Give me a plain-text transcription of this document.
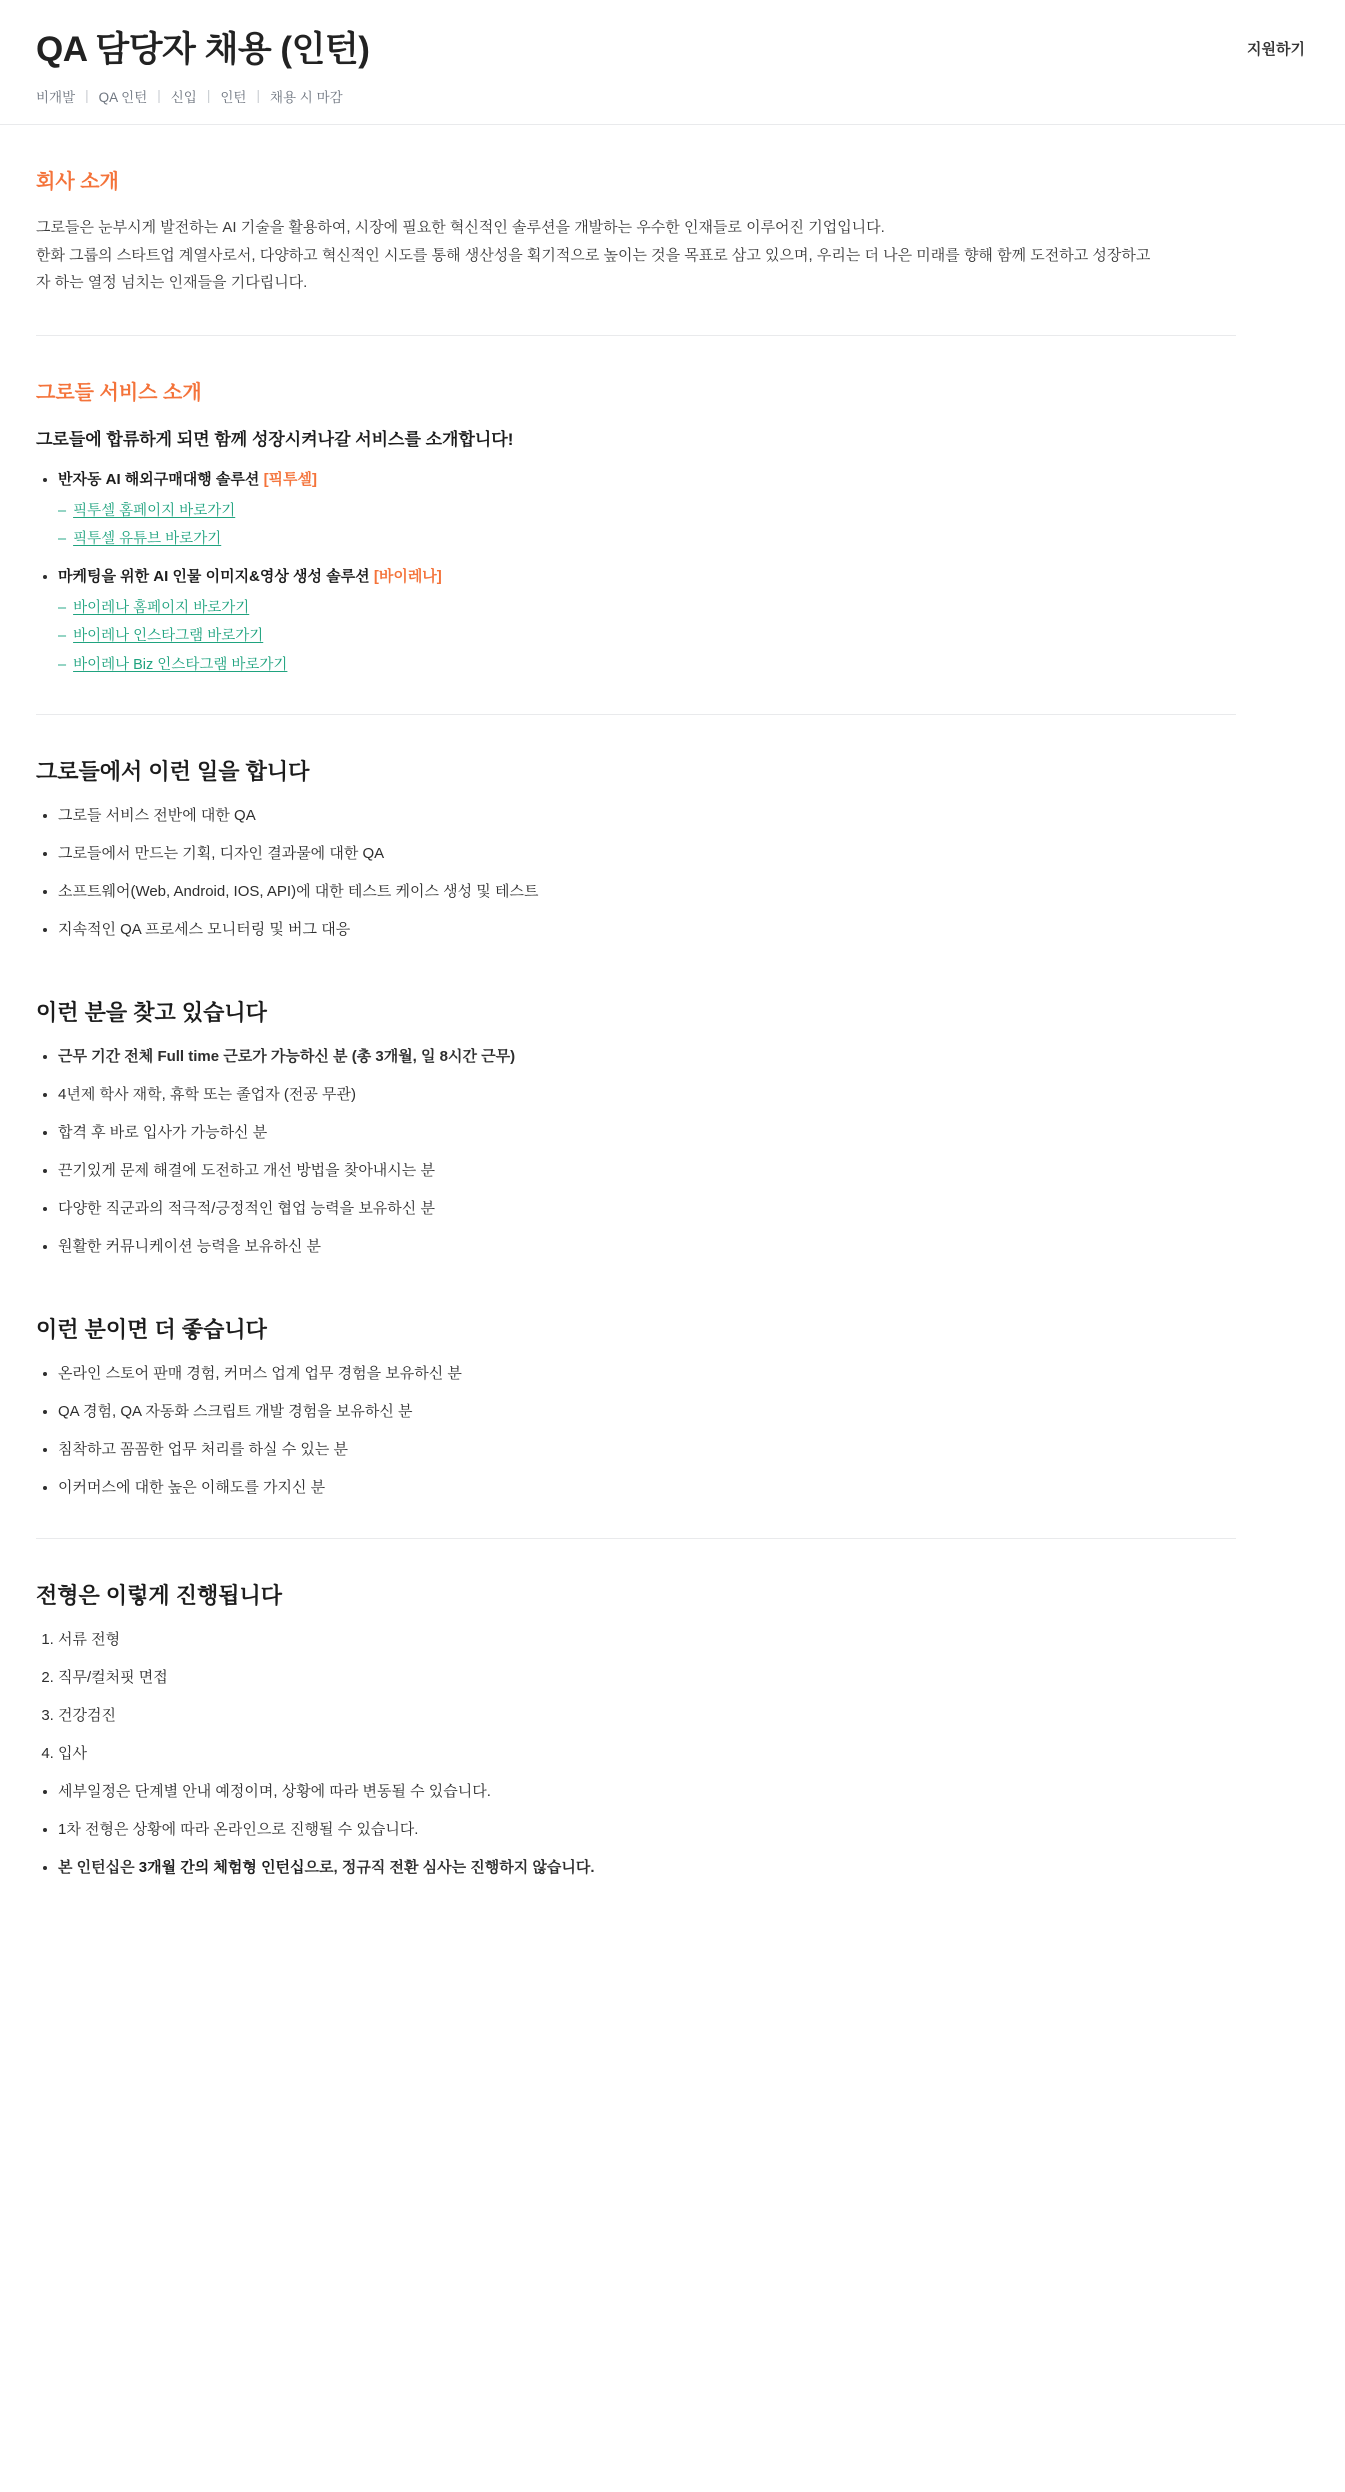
QA 담당자 채용 (인턴)	지원하기
비개발 | QA 인턴 | 신입 | 인턴 | 채용 시 마감
회사 소개

그로들은 눈부시게 발전하는 AI 기술을 활용하여, 시장에 필요한 혁신적인 솔루션을 개발하는 우수한 인재들로 이루어진 기업입니다.

한화 그룹의 스타트업 계열사로서, 다양하고 혁신적인 시도를 통해 생산성을 획기적으로 높이는 것을 목표로 삼고 있으며, 우리는 더 나은 미래를 향해 함께 도전하고 성장하고자 하는 열정 넘치는 인재들을 기다립니다.

그로들 서비스 소개
그로들에 합류하게 되면 함께 성장시켜나갈 서비스를 소개합니다!
• 반자동 AI 해외구매대행 솔루션 [픽투셀]
– 픽투셀 홈페이지 바로가기
– 픽투셀 유튜브 바로가기
• 마케팅을 위한 AI 인물 이미지&영상 생성 솔루션 [바이레나]
– 바이레나 홈페이지 바로가기
– 바이레나 인스타그램 바로가기
– 바이레나 Biz 인스타그램 바로가기
그로들에서 이런 일을 합니다
• 그로들 서비스 전반에 대한 QA
• 그로들에서 만드는 기획, 디자인 결과물에 대한 QA
• 소프트웨어(Web, Android, IOS, API)에 대한 테스트 케이스 생성 및 테스트
• 지속적인 QA 프로세스 모니터링 및 버그 대응
이런 분을 찾고 있습니다
• 근무 기간 전체 Full time 근로가 가능하신 분 (총 3개월, 일 8시간 근무)
• 4년제 학사 재학, 휴학 또는 졸업자 (전공 무관)
• 합격 후 바로 입사가 가능하신 분
• 끈기있게 문제 해결에 도전하고 개선 방법을 찾아내시는 분
• 다양한 직군과의 적극적/긍정적인 협업 능력을 보유하신 분
• 원활한 커뮤니케이션 능력을 보유하신 분
이런 분이면 더 좋습니다
• 온라인 스토어 판매 경험, 커머스 업계 업무 경험을 보유하신 분
• QA 경험, QA 자동화 스크립트 개발 경험을 보유하신 분
• 침착하고 꼼꼼한 업무 처리를 하실 수 있는 분
• 이커머스에 대한 높은 이해도를 가지신 분
전형은 이렇게 진행됩니다
1. 서류 전형
2. 직무/컬처핏 면접
3. 건강검진
4. 입사
• 세부일정은 단계별 안내 예정이며, 상황에 따라 변동될 수 있습니다.
• 1차 전형은 상황에 따라 온라인으로 진행될 수 있습니다.
• 본 인턴십은 3개월 간의 체험형 인턴십으로, 정규직 전환 심사는 진행하지 않습니다.
